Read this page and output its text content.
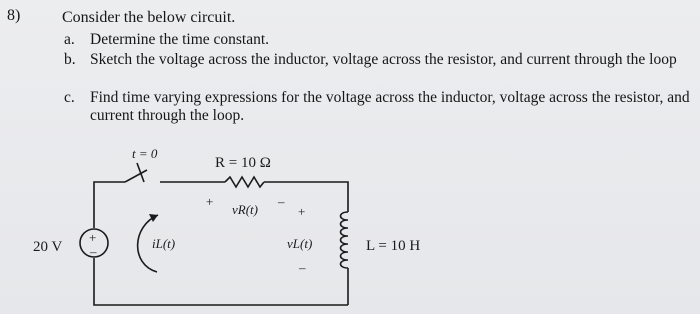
8)	Consider the below circuit.
a. Determine the time constant.
b. Sketch the voltage across the inductor, voltage across the resistor, and current through the loop
c. Find time varying expressions for the voltage across the inductor, voltage across the resistor, and current through the loop.
+
–
t = 0
R = 10 Ω
+
vR(t)
–
20 V	iL(t)
+
vL(t)
–
L = 10 H
